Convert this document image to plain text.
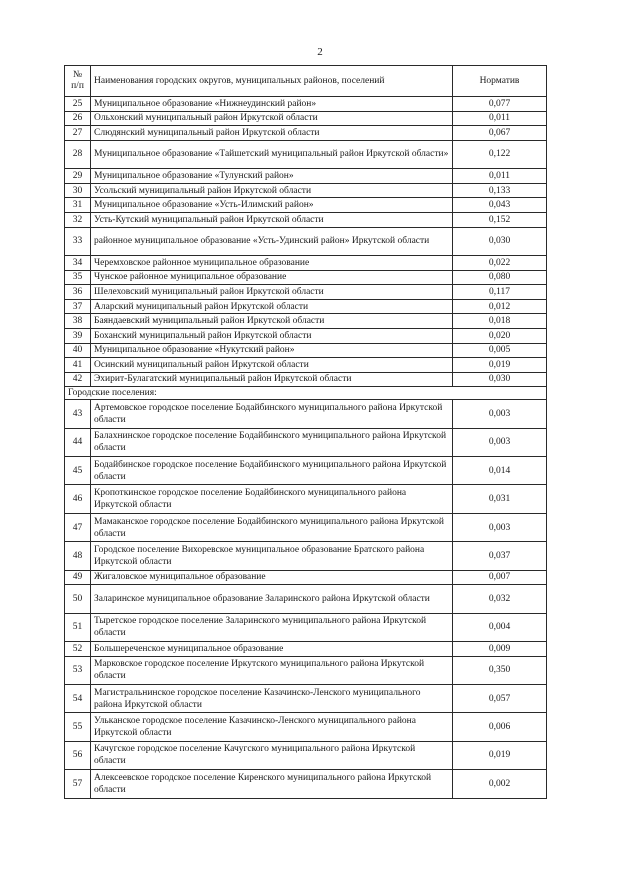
2
№ п/п	Наименования городских округов, муниципальных районов, поселений	Норматив
25	Муниципальное образование «Нижнеудинский район»	0,077
26	Ольхонский муниципальный район Иркутской области	0,011
27	Слюдянский муниципальный район Иркутской области	0,067
28	Муниципальное образование «Тайшетский муниципальный район Иркутской области»	0,122
29	Муниципальное образование «Тулунский район»	0,011
30	Усольский муниципальный район Иркутской области	0,133
31	Муниципальное образование «Усть-Илимский район»	0,043
32	Усть-Кутский муниципальный район Иркутской области	0,152
33	районное муниципальное образование «Усть-Удинский район» Иркутской области	0,030
34	Черемховское районное муниципальное образование	0,022
35	Чунское районное муниципальное образование	0,080
36	Шелеховский муниципальный район Иркутской области	0,117
37	Аларский муниципальный район Иркутской области	0,012
38	Баяндаевский муниципальный район Иркутской области	0,018
39	Боханский муниципальный район Иркутской области	0,020
40	Муниципальное образование «Нукутский район»	0,005
41	Осинский муниципальный район Иркутской области	0,019
42	Эхирит-Булагатский муниципальный район Иркутской области	0,030
Городские поселения:		
43	Артемовское городское поселение Бодайбинского муниципального района Иркутской области	0,003
44	Балахнинское городское поселение Бодайбинского муниципального района Иркутской области	0,003
45	Бодайбинское городское поселение Бодайбинского муниципального района Иркутской области	0,014
46	Кропоткинское городское поселение Бодайбинского муниципального района Иркутской области	0,031
47	Мамаканское городское поселение Бодайбинского муниципального района Иркутской области	0,003
48	Городское поселение Вихоревское муниципальное образование Братского района Иркутской области	0,037
49	Жигаловское муниципальное образование	0,007
50	Заларинское муниципальное образование Заларинского района Иркутской области	0,032
51	Тыретское городское поселение Заларинского муниципального района Иркутской области	0,004
52	Большереченское муниципальное образование	0,009
53	Марковское городское поселение Иркутского муниципального района Иркутской области	0,350
54	Магистральнинское городское поселение Казачинско-Ленского муниципального района Иркутской области	0,057
55	Ульканское городское поселение Казачинско-Ленского муниципального района Иркутской области	0,006
56	Качугское городское поселение Качугского муниципального района Иркутской области	0,019
57	Алексеевское городское поселение Киренского муниципального района Иркутской области	0,002
